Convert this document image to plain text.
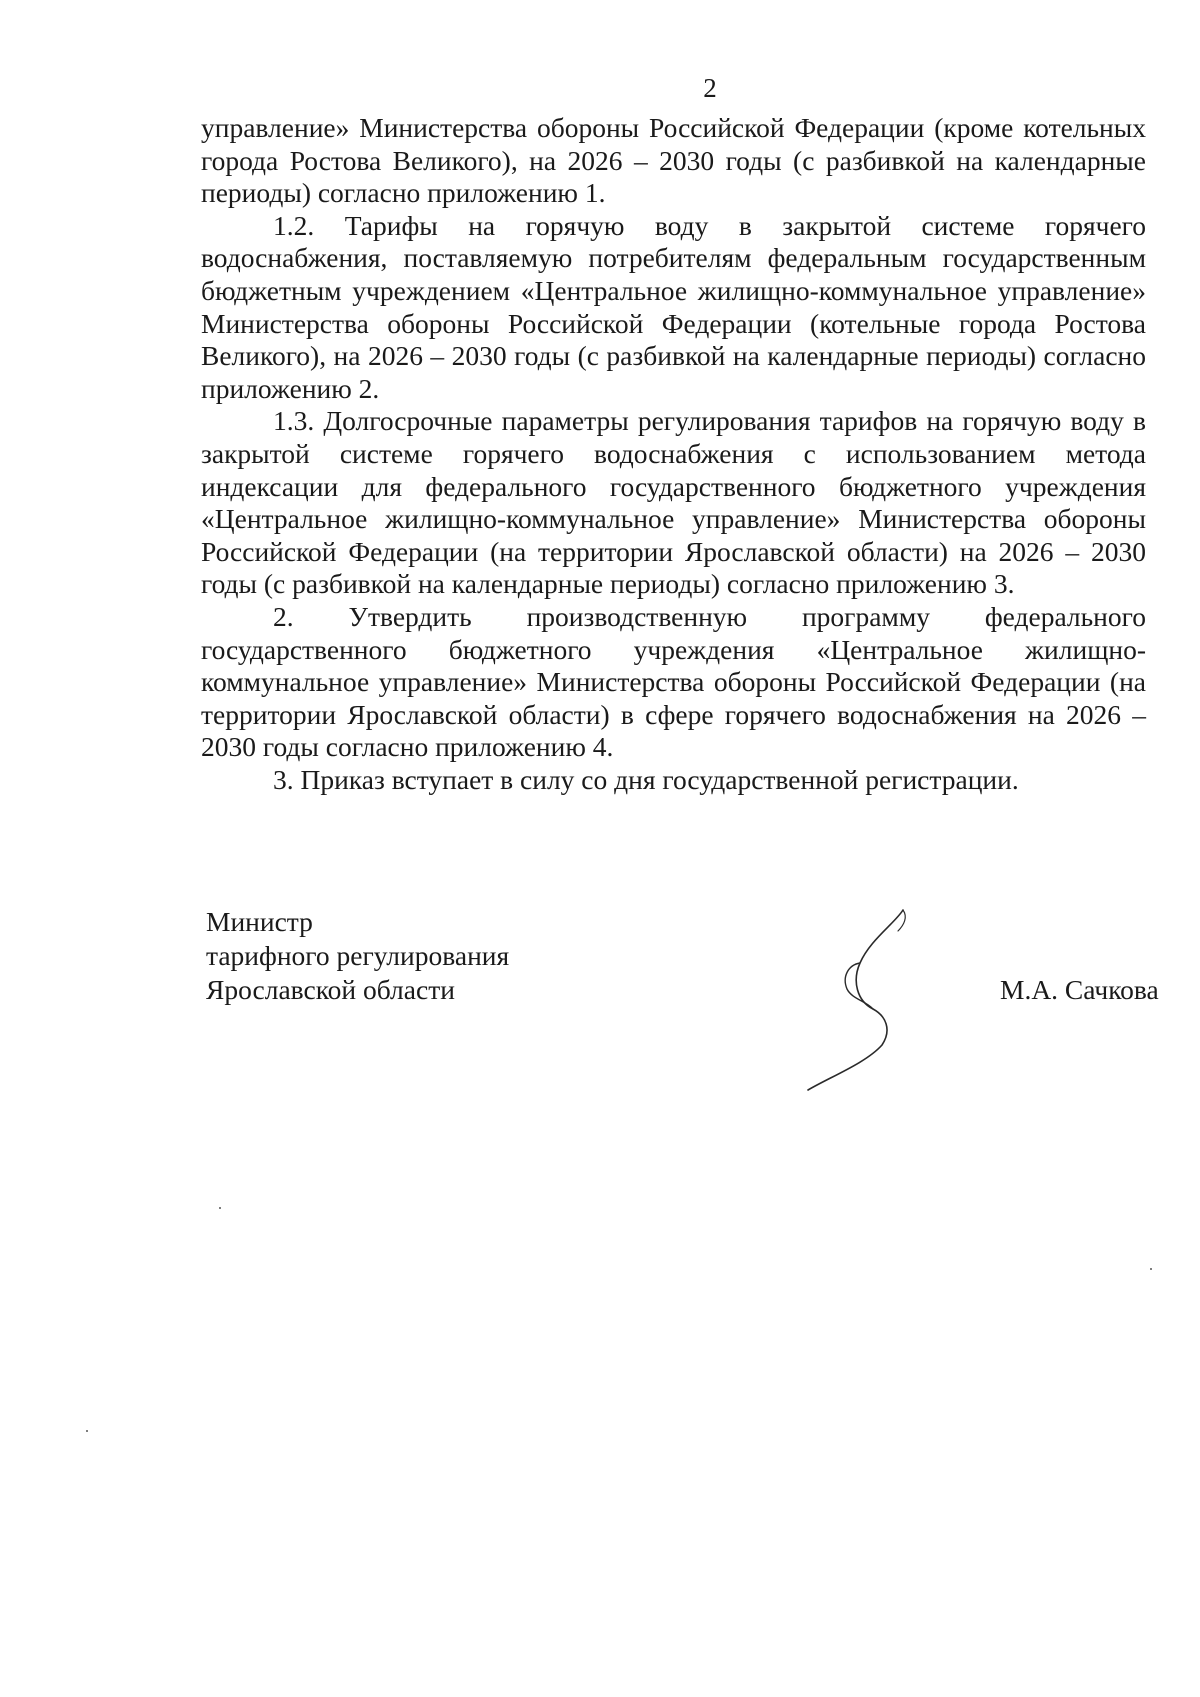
2

управление» Министерства обороны Российской Федерации (кроме котельных города Ростова Великого), на 2026 – 2030 годы (с разбивкой на календарные периоды) согласно приложению 1.

1.2. Тарифы на горячую воду в закрытой системе горячего водоснабжения, поставляемую потребителям федеральным государственным бюджетным учреждением «Центральное жилищно-коммунальное управление» Министерства обороны Российской Федерации (котельные города Ростова Великого), на 2026 – 2030 годы (с разбивкой на календарные периоды) согласно приложению 2.

1.3. Долгосрочные параметры регулирования тарифов на горячую воду в закрытой системе горячего водоснабжения с использованием метода индексации для федерального государственного бюджетного учреждения «Центральное жилищно-коммунальное управление» Министерства обороны Российской Федерации (на территории Ярославской области) на 2026 – 2030 годы (с разбивкой на календарные периоды) согласно приложению 3.

2. Утвердить производственную программу федерального государственного бюджетного учреждения «Центральное жилищно-коммунальное управление» Министерства обороны Российской Федерации (на территории Ярославской области) в сфере горячего водоснабжения на 2026 – 2030 годы согласно приложению 4.

3. Приказ вступает в силу со дня государственной регистрации.

Министр
тарифного регулирования
Ярославской области	М.А. Сачкова
